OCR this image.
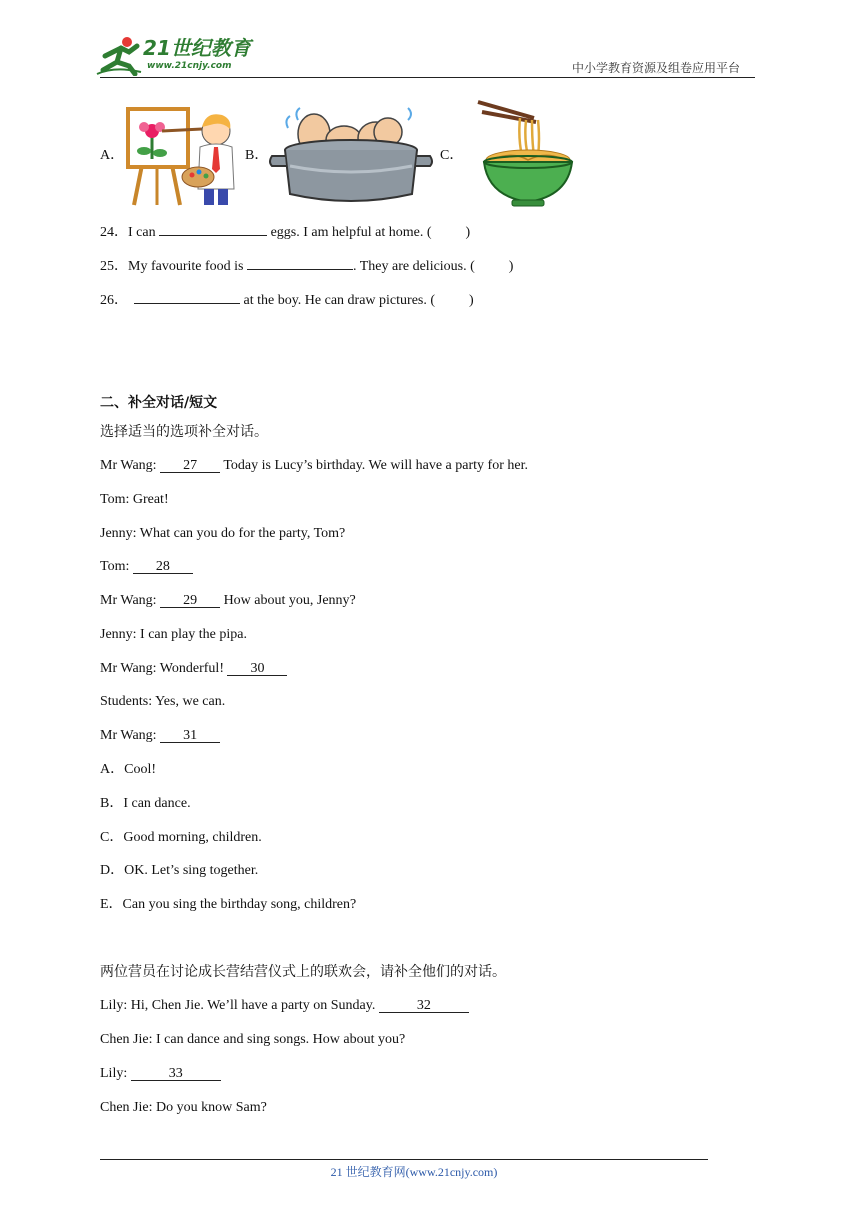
21世纪教育
www.21cnjy.com	中小学教育资源及组卷应用平台
A．	B．	C．
24．I can	eggs. I am helpful at home. ( )
25．My favourite food is	. They are delicious. ( )
26．	at the boy. He can draw pictures. ( )
二、补全对话/短文
选择适当的选项补全对话。
Mr Wang: 27 Today is Lucy’s birthday. We will have a party for her.
Tom: Great!
Jenny: What can you do for the party, Tom?
Tom: 28
Mr Wang: 29 How about you, Jenny?
Jenny: I can play the pipa.
Mr Wang: Wonderful! 30
Students: Yes, we can.
Mr Wang: 31
A．Cool!
B．I can dance.
C．Good morning, children.
D．OK. Let’s sing together.
E．Can you sing the birthday song, children?
两位营员在讨论成长营结营仪式上的联欢会，请补全他们的对话。
Lily: Hi, Chen Jie. We’ll have a party on Sunday.	32
Chen Jie: I can dance and sing songs. How about you?
Lily:	33
Chen Jie: Do you know Sam?
21 世纪教育网(www.21cnjy.com)
